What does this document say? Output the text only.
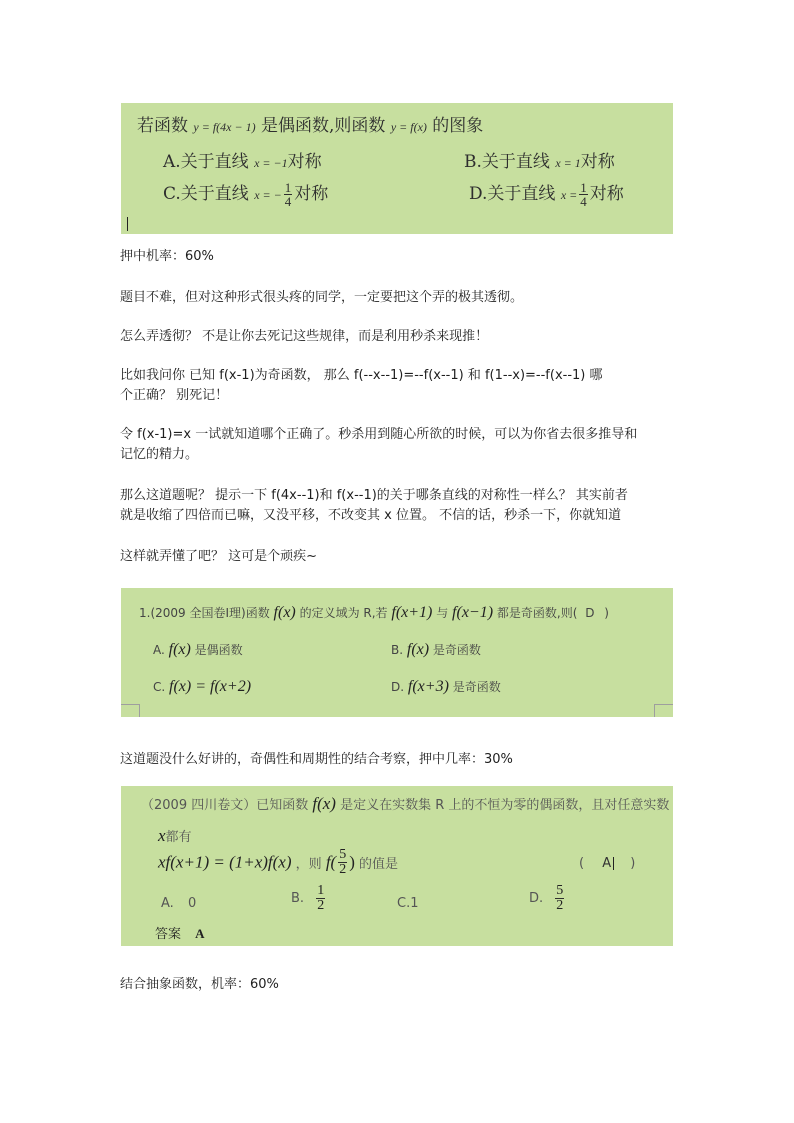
若函数 y = f(4x − 1) 是偶函数,则函数 y = f(x) 的图象
A.关于直线 x = −1对称	B.关于直线 x = 1对称
C.关于直线 x = − $\frac{1}{4}$ 对称	D.关于直线 $x = \frac{1}{4}$ 对称
押中机率：60%
题目不难，但对这种形式很头疼的同学，一定要把这个弄的极其透彻。
怎么弄透彻？ 不是让你去死记这些规律，而是利用秒杀来现推！
比如我问你 已知 f(x-1)为奇函数， 那么 f(--x--1)=--f(x--1) 和 f(1--x)=--f(x--1) 哪
个正确？ 别死记！
令 f(x-1)=x 一试就知道哪个正确了。秒杀用到随心所欲的时候，可以为你省去很多推导和
记忆的精力。
那么这道题呢？ 提示一下 f(4x--1)和 f(x--1)的关于哪条直线的对称性一样么？ 其实前者
就是收缩了四倍而已嘛，又没平移，不改变其 x 位置。 不信的话，秒杀一下，你就知道
这样就弄懂了吧？ 这可是个顽疾~
1.(2009 全国卷Ⅰ理)函数 f(x) 的定义域为 R,若 f(x+1) 与 f(x−1) 都是奇函数,则( D )
A. f(x) 是偶函数	B. f(x) 是奇函数
C. f(x) = f(x+2)	D. f(x+3) 是奇函数
这道题没什么好讲的，奇偶性和周期性的结合考察，押中几率：30%
（2009 四川卷文）已知函数 f(x) 是定义在实数集 R 上的不恒为零的偶函数，且对任意实数
x都有
xf(x+1) = (1+x)f(x) ，则 $f( \frac{5}{2}$ ) 的值是	( A )
A. 0	B. $\frac{1}{2}$	C.1	D. $\frac{5}{2}$
答案 A
结合抽象函数，机率：60%
